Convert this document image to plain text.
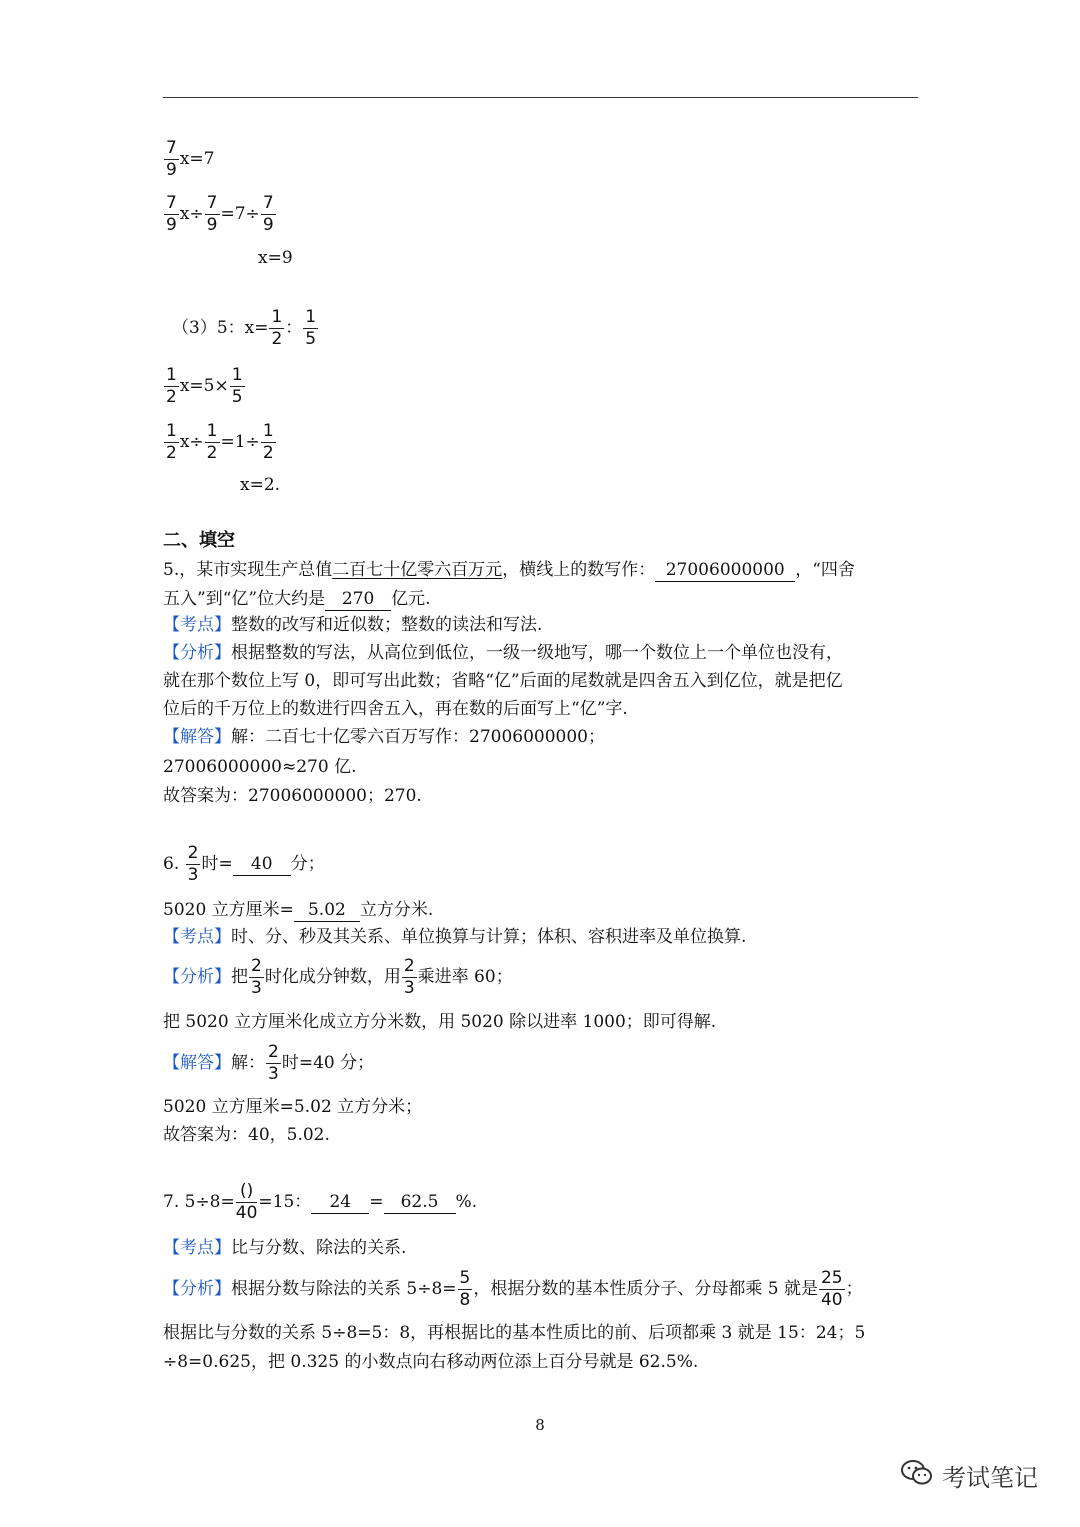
$\frac{7}{9} x=7$
$\frac{7}{9} x\div \frac{7}{9} =7\div \frac{7}{9}$
x=9
（3）5：$x= \frac{1}{2}$ ： $\frac{1}{5}$
$\frac{1}{2} x=5\times \frac{1}{5}$
$\frac{1}{2} x\div \frac{1}{2} =1\div \frac{1}{2}$
x=2.
二、填空
5.，某市实现生产总值二百七十亿零六百万元，横线上的数写作： 27006000000 ，“四舍
五入”到“亿”位大约是 270 亿元.
【考点】整数的改写和近似数；整数的读法和写法.
【分析】根据整数的写法，从高位到低位，一级一级地写，哪一个数位上一个单位也没有，
就在那个数位上写 0，即可写出此数；省略“亿”后面的尾数就是四舍五入到亿位，就是把亿
位后的千万位上的数进行四舍五入，再在数的后面写上“亿”字.
【解答】解：二百七十亿零六百万写作：27006000000；
27006000000≈270 亿.
故答案为：27006000000；270.
6. $\frac{2}{3}$ 时= 40 分；
5020 立方厘米= 5.02 立方分米.
【考点】时、分、秒及其关系、单位换算与计算；体积、容积进率及单位换算.
【分析】把 $\frac{2}{3}$ 时化成分钟数，用 $\frac{2}{3}$ 乘进率 60；
把 5020 立方厘米化成立方分米数，用 5020 除以进率 1000；即可得解.
【解答】解： $\frac{2}{3}$ 时=40 分；
5020 立方厘米=5.02 立方分米；
故答案为：40，5.02.
7. $5\div 8= \frac{()}{40} =15$： 24 = 62.5 %.
【考点】比与分数、除法的关系.
【分析】根据分数与除法的关系 $5\div 8= \frac{5}{8}$ ，根据分数的基本性质分子、分母都乘 5 就是 $\frac{25}{40}$ ；
根据比与分数的关系 5÷8=5：8，再根据比的基本性质比的前、后项都乘 3 就是 15：24；5
÷8=0.625，把 0.325 的小数点向右移动两位添上百分号就是 62.5%.
8
考试笔记
